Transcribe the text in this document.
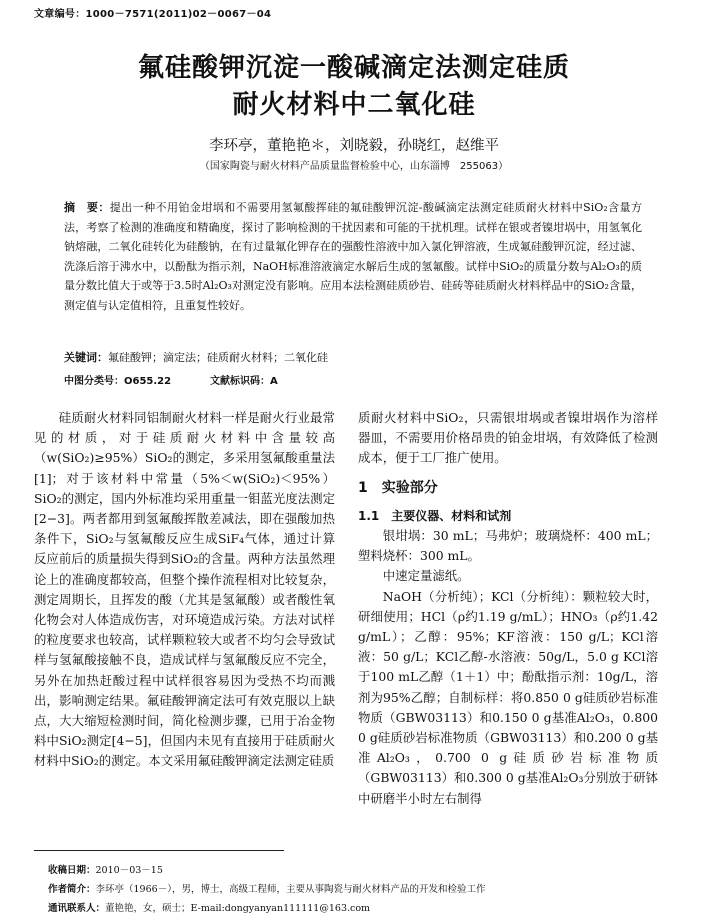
文章编号：1000－7571(2011)02－0067－04
氟硅酸钾沉淀一酸碱滴定法测定硅质
耐火材料中二氧化硅
李环亭，董艳艳＊，刘晓毅，孙晓红，赵维平
（国家陶瓷与耐火材料产品质量监督检验中心，山东淄博　255063）
摘　要：提出一种不用铂金坩埚和不需要用氢氟酸挥硅的氟硅酸钾沉淀-酸碱滴定法测定硅质耐火材料中SiO₂含量方法，考察了检测的准确度和精确度，探讨了影响检测的干扰因素和可能的干扰机理。试样在银或者镍坩埚中，用氢氧化钠熔融，二氧化硅转化为硅酸钠，在有过量氟化钾存在的强酸性溶液中加入氯化钾溶液，生成氟硅酸钾沉淀，经过滤、洗涤后溶于沸水中，以酚酞为指示剂，NaOH标准溶液滴定水解后生成的氢氟酸。试样中SiO₂的质量分数与Al₂O₃的质量分数比值大于或等于3.5时Al₂O₃对测定没有影响。应用本法检测硅质砂岩、硅砖等硅质耐火材料样品中的SiO₂含量，测定值与认定值相符，且重复性较好。
关键词：氟硅酸钾；滴定法；硅质耐火材料；二氧化硅
中图分类号：O655.22	文献标识码：A

硅质耐火材料同铝制耐火材料一样是耐火行业最常见的材质，对于硅质耐火材料中含量较高（w(SiO₂)≥95%）SiO₂的测定，多采用氢氟酸重量法[1]；对于该材料中常量（5%＜w(SiO₂)＜95%）SiO₂的测定，国内外标准均采用重量一钼蓝光度法测定[2−3]。两者都用到氢氟酸挥散差减法，即在强酸加热条件下，SiO₂与氢氟酸反应生成SiF₄气体，通过计算反应前后的质量损失得到SiO₂的含量。两种方法虽然理论上的准确度都较高，但整个操作流程相对比较复杂，测定周期长，且挥发的酸（尤其是氢氟酸）或者酸性氧化物会对人体造成伤害，对环境造成污染。方法对试样的粒度要求也较高，试样颗粒较大或者不均匀会导致试样与氢氟酸接触不良，造成试样与氢氟酸反应不完全，另外在加热赶酸过程中试样很容易因为受热不均而溅出，影响测定结果。氟硅酸钾滴定法可有效克服以上缺点，大大缩短检测时间，简化检测步骤，已用于冶金物料中SiO₂测定[4−5]，但国内未见有直接用于硅质耐火材料中SiO₂的测定。本文采用氟硅酸钾滴定法测定硅质

质耐火材料中SiO₂，只需银坩埚或者镍坩埚作为溶样器皿，不需要用价格昂贵的铂金坩埚，有效降低了检测成本，便于工厂推广使用。

1　实验部分

1.1　主要仪器、材料和试剂

银坩埚：30 mL；马弗炉；玻璃烧杯：400 mL；塑料烧杯：300 mL。

中速定量滤纸。

NaOH（分析纯）；KCl（分析纯）：颗粒较大时，研细使用；HCl（ρ约1.19 g/mL）；HNO₃（ρ约1.42 g/mL）；乙醇：95%；KF溶液：150 g/L；KCl溶液：50 g/L；KCl乙醇-水溶液：50g/L，5.0 g KCl溶于100 mL乙醇（1＋1）中；酚酞指示剂：10g/L，溶剂为95%乙醇；自制标样：将0.850 0 g硅质砂岩标准物质（GBW03113）和0.150 0 g基准Al₂O₃，0.800 0 g硅质砂岩标准物质（GBW03113）和0.200 0 g基准Al₂O₃，0.700 0 g硅质砂岩标准物质（GBW03113）和0.300 0 g基准Al₂O₃分别放于研钵中研磨半小时左右制得

收稿日期：2010－03－15
作者简介：李环亭（1966－），男，博士，高级工程师，主要从事陶瓷与耐火材料产品的开发和检验工作
通讯联系人：董艳艳，女，硕士；E-mail:dongyanyan111111@163.com
